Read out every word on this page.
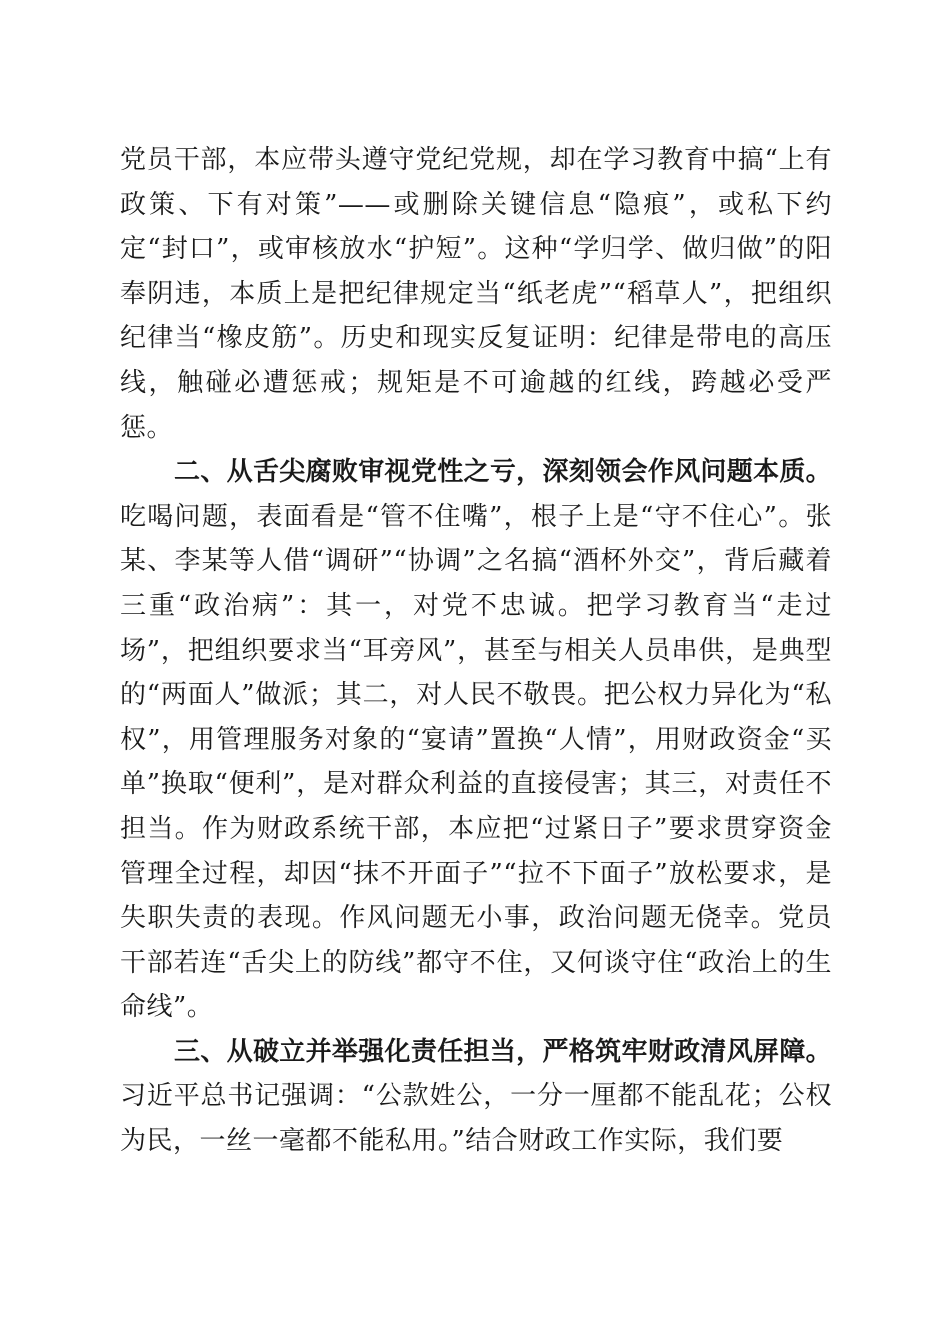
党员干部，本应带头遵守党纪党规，却在学习教育中搞“上有政策、下有对策”——或删除关键信息“隐痕”，或私下约定“封口”，或审核放水“护短”。这种“学归学、做归做”的阳奉阴违，本质上是把纪律规定当“纸老虎”“稻草人”，把组织纪律当“橡皮筋”。历史和现实反复证明：纪律是带电的高压线，触碰必遭惩戒；规矩是不可逾越的红线，跨越必受严惩。

二、从舌尖腐败审视党性之亏，深刻领会作风问题本质。吃喝问题，表面看是“管不住嘴”，根子上是“守不住心”。张某、李某等人借“调研”“协调”之名搞“酒杯外交”，背后藏着三重“政治病”：其一，对党不忠诚。把学习教育当“走过场”，把组织要求当“耳旁风”，甚至与相关人员串供，是典型的“两面人”做派；其二，对人民不敬畏。把公权力异化为“私权”，用管理服务对象的“宴请”置换“人情”，用财政资金“买单”换取“便利”，是对群众利益的直接侵害；其三，对责任不担当。作为财政系统干部，本应把“过紧日子”要求贯穿资金管理全过程，却因“抹不开面子”“拉不下面子”放松要求，是失职失责的表现。作风问题无小事，政治问题无侥幸。党员干部若连“舌尖上的防线”都守不住，又何谈守住“政治上的生命线”。

三、从破立并举强化责任担当，严格筑牢财政清风屏障。习近平总书记强调：“公款姓公，一分一厘都不能乱花；公权为民，一丝一毫都不能私用。”结合财政工作实际，我们要
